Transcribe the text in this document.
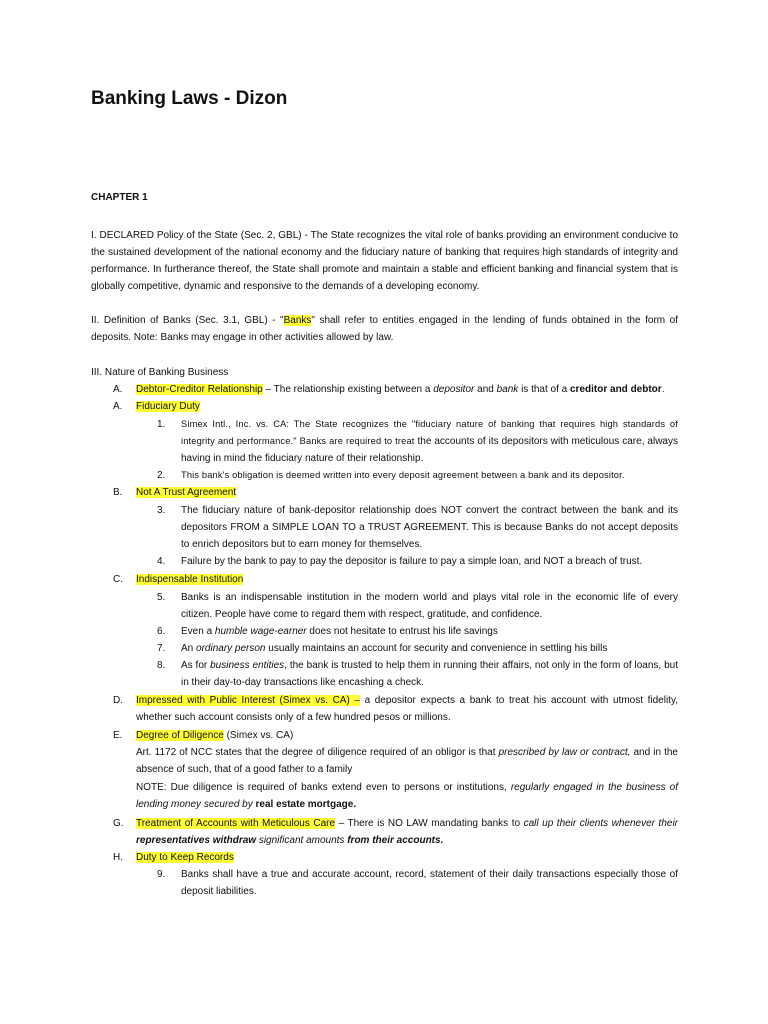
Banking Laws - Dizon
CHAPTER 1
I. DECLARED Policy of the State (Sec. 2, GBL) - The State recognizes the vital role of banks providing an environment conducive to the sustained development of the national economy and the fiduciary nature of banking that requires high standards of integrity and performance. In furtherance thereof, the State shall promote and maintain a stable and efficient banking and financial system that is globally competitive, dynamic and responsive to the demands of a developing economy.
II. Definition of Banks (Sec. 3.1, GBL) - "Banks" shall refer to entities engaged in the lending of funds obtained in the form of deposits. Note: Banks may engage in other activities allowed by law.
III. Nature of Banking Business
A. Debtor-Creditor Relationship – The relationship existing between a depositor and bank is that of a creditor and debtor.
A. Fiduciary Duty
1. Simex Intl., Inc. vs. CA: The State recognizes the "fiduciary nature of banking that requires high standards of integrity and performance." Banks are required to treat the accounts of its depositors with meticulous care, always having in mind the fiduciary nature of their relationship.
2. This bank's obligation is deemed written into every deposit agreement between a bank and its depositor.
B. Not A Trust Agreement
3. The fiduciary nature of bank-depositor relationship does NOT convert the contract between the bank and its depositors FROM a SIMPLE LOAN TO a TRUST AGREEMENT. This is because Banks do not accept deposits to enrich depositors but to earn money for themselves.
4. Failure by the bank to pay to pay the depositor is failure to pay a simple loan, and NOT a breach of trust.
C. Indispensable Institution
5. Banks is an indispensable institution in the modern world and plays vital role in the economic life of every citizen. People have come to regard them with respect, gratitude, and confidence.
6. Even a humble wage-earner does not hesitate to entrust his life savings
7. An ordinary person usually maintains an account for security and convenience in settling his bills
8. As for business entities, the bank is trusted to help them in running their affairs, not only in the form of loans, but in their day-to-day transactions like encashing a check.
D. Impressed with Public Interest (Simex vs. CA) – a depositor expects a bank to treat his account with utmost fidelity, whether such account consists only of a few hundred pesos or millions.
E. Degree of Diligence (Simex vs. CA)
Art. 1172 of NCC states that the degree of diligence required of an obligor is that prescribed by law or contract, and in the absence of such, that of a good father to a family
NOTE: Due diligence is required of banks extend even to persons or institutions, regularly engaged in the business of lending money secured by real estate mortgage.
G. Treatment of Accounts with Meticulous Care – There is NO LAW mandating banks to call up their clients whenever their representatives withdraw significant amounts from their accounts.
H. Duty to Keep Records
9. Banks shall have a true and accurate account, record, statement of their daily transactions especially those of deposit liabilities.
